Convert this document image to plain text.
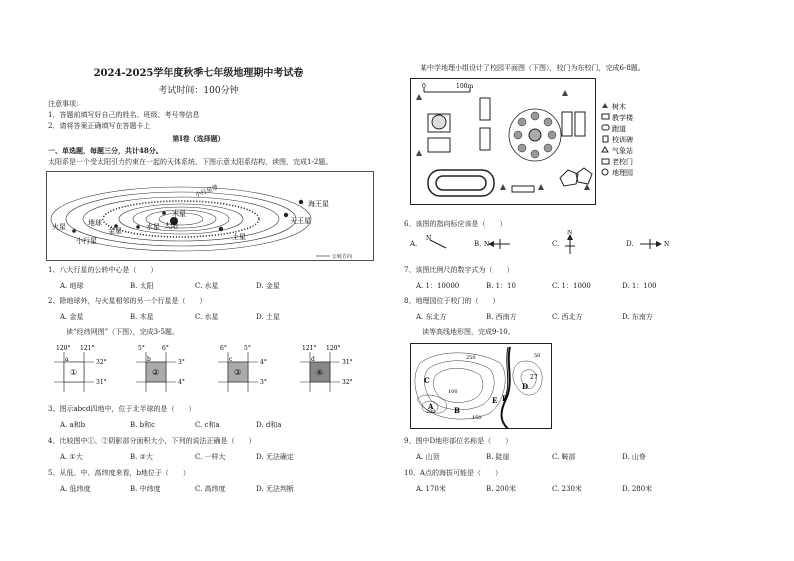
2024-2025学年度秋季七年级地理期中考试卷
考试时间：100分钟
注意事项：
1．答题前填写好自己的姓名、班级、考号等信息
2．请将答案正确填写在答题卡上
第I卷（选择题）
一、单选题，每题三分，共计48分。
太阳系是一个受太阳引力约束在一起的天体系统，下图示意太阳系结构，读图，完成1-2题。
海王星
天王星
土星
木星
太阳
火星	地球
金星	水星
小行星
小行星带
公转方向
1、八大行星的公转中心是（　　）
A. 地球	B. 太阳	C. 水星	D. 金星
2、除地球外，与火星相邻的另一个行星是（　　）
A. 金星	B. 木星	C. 水星	D. 土星
读“经纬网图”（下图），完成3-5题。
①
120° 121°
32°
31°
a
②
5°	6°
3°
4°
b
③
6°	5°
4°
3°
c
④
121° 120°
31°
32°
d
3、图示abcd四地中，位于北半球的是（　　）
A. a和b	B. b和c	C. c和a	D. d和a
4、比较图中①、②阴影部分面积大小，下列的说法正确是（　　）
A. ①大	B. ②大	C. 一样大	D. 无法确定
5、从低、中、高纬度来看，b地位于（　　）
A. 低纬度	B. 中纬度	C. 高纬度	D. 无法判断
某中学地理小组设计了校园平面图（下图），校门为东校门，完成6-8题。
0	100m
树木
教学楼
跑道
校训碑
气象站
老校门
地理园
6、该图的指向标应该是（　　）
A.
N
B. N	C.
N
D.	N
7、该图比例尺的数字式为（　　）
A. 1：10000	B. 1：10	C. 1：1000	D. 1：100
8、地理园位于校门的（　　）
A. 东北方	B. 西南方	C. 西北方	D. 东南方
读等高线地形图，完成9-10。
A	B
C
D
E F
200
150
100
50
250
27
9、图中D地形部位名称是（　　）
A. 山顶	B. 陡崖	C. 鞍部	D. 山脊
10、A点的海拔可能是（　　）
A. 170米	B. 200米	C. 230米	D. 280米
